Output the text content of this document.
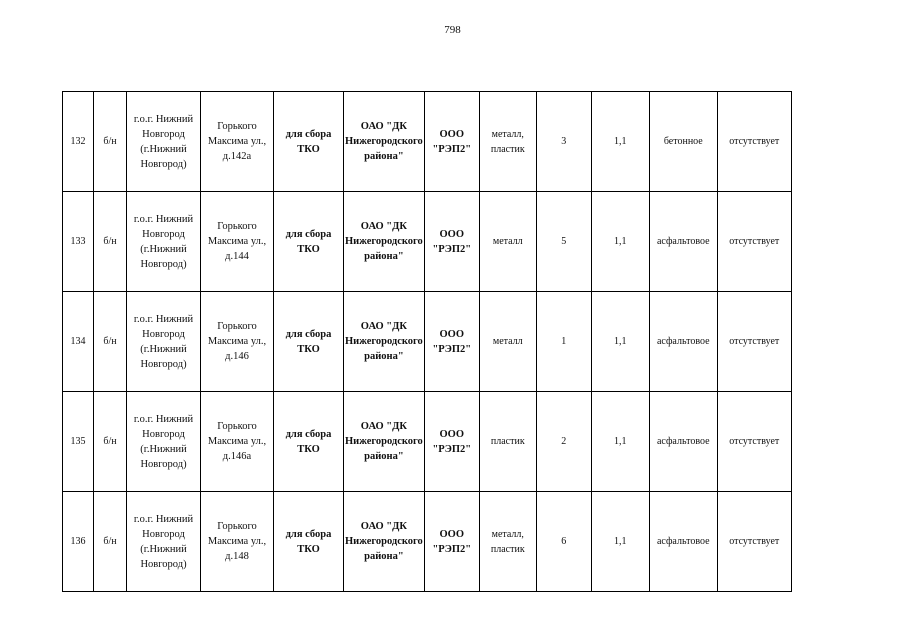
798
132	б/н	г.о.г. Нижний Новгород (г.Нижний Новгород)	Горького Максима ул., д.142а	для сбора ТКО	ОАО "ДК Нижегородского района"	ООО "РЭП2"	металл, пластик	3	1,1	бетонное	отсутствует
133	б/н	г.о.г. Нижний Новгород (г.Нижний Новгород)	Горького Максима ул., д.144	для сбора ТКО	ОАО "ДК Нижегородского района"	ООО "РЭП2"	металл	5	1,1	асфальтовое	отсутствует
134	б/н	г.о.г. Нижний Новгород (г.Нижний Новгород)	Горького Максима ул., д.146	для сбора ТКО	ОАО "ДК Нижегородского района"	ООО "РЭП2"	металл	1	1,1	асфальтовое	отсутствует
135	б/н	г.о.г. Нижний Новгород (г.Нижний Новгород)	Горького Максима ул., д.146а	для сбора ТКО	ОАО "ДК Нижегородского района"	ООО "РЭП2"	пластик	2	1,1	асфальтовое	отсутствует
136	б/н	г.о.г. Нижний Новгород (г.Нижний Новгород)	Горького Максима ул., д.148	для сбора ТКО	ОАО "ДК Нижегородского района"	ООО "РЭП2"	металл, пластик	6	1,1	асфальтовое	отсутствует
